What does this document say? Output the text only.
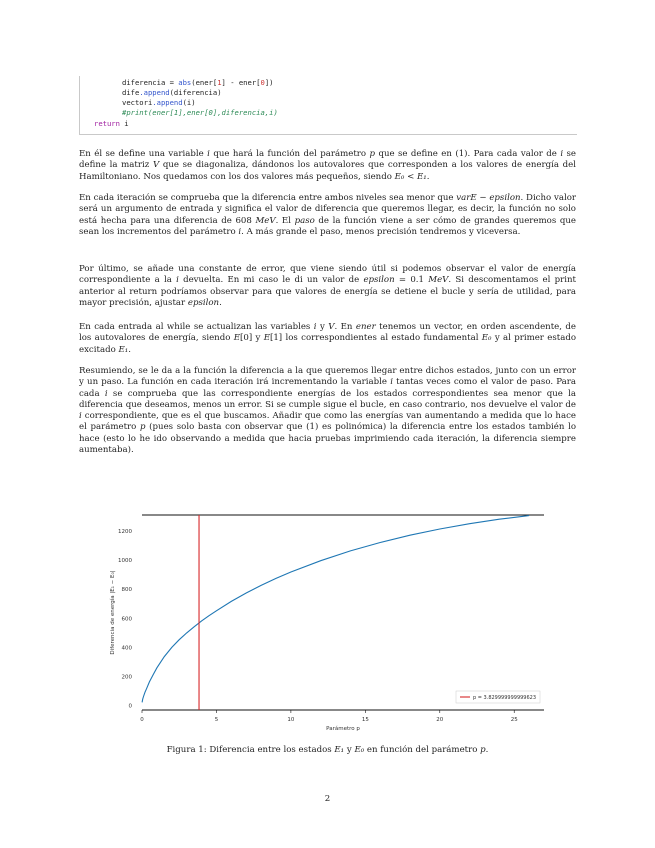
diferencia = abs(ener[1] - ener[0])
dife.append(diferencia)
vectori.append(i)
#print(ener[1],ener[0],diferencia,i)
return i

En él se define una variable i que hará la función del parámetro p que se define en (1). Para cada valor de i se define la matriz V que se diagonaliza, dándonos los autovalores que corresponden a los valores de energía del Hamiltoniano. Nos quedamos con los dos valores más pequeños, siendo E₀ < E₁.

En cada iteración se comprueba que la diferencia entre ambos niveles sea menor que varE − epsilon. Dicho valor será un argumento de entrada y significa el valor de diferencia que queremos llegar, es decir, la función no solo está hecha para una diferencia de 608 MeV. El paso de la función viene a ser cómo de grandes queremos que sean los incrementos del parámetro i. A más grande el paso, menos precisión tendremos y viceversa.

Por último, se añade una constante de error, que viene siendo útil si podemos observar el valor de energía correspondiente a la i devuelta. En mi caso le di un valor de epsilon = 0.1 MeV. Si descomentamos el print anterior al return podríamos observar para que valores de energía se detiene el bucle y sería de utilidad, para mayor precisión, ajustar epsilon.

En cada entrada al while se actualizan las variables i y V. En ener tenemos un vector, en orden ascendente, de los autovalores de energía, siendo E[0] y E[1] los correspondientes al estado fundamental E₀ y al primer estado excitado E₁.

Resumiendo, se le da a la función la diferencia a la que queremos llegar entre dichos estados, junto con un error y un paso. La función en cada iteración irá incrementando la variable i tantas veces como el valor de paso. Para cada i se comprueba que las correspondiente energías de los estados correspondientes sea menor que la diferencia que deseamos, menos un error. Si se cumple sigue el bucle, en caso contrario, nos devuelve el valor de i correspondiente, que es el que buscamos. Añadir que como las energías van aumentando a medida que lo hace el parámetro p (pues solo basta con observar que (1) es polinómica) la diferencia entre los estados también lo hace (esto lo he ido observando a medida que hacia pruebas imprimiendo cada iteración, la diferencia siempre aumentaba).

0	5	10	15	20	25
0
200
400
600
800
1000
1200
Parámetro p
Diferencia de energía |E₁ − E₀|
p = 3.829999999999623
Figura 1: Diferencia entre los estados E₁ y E₀ en función del parámetro p.
2
